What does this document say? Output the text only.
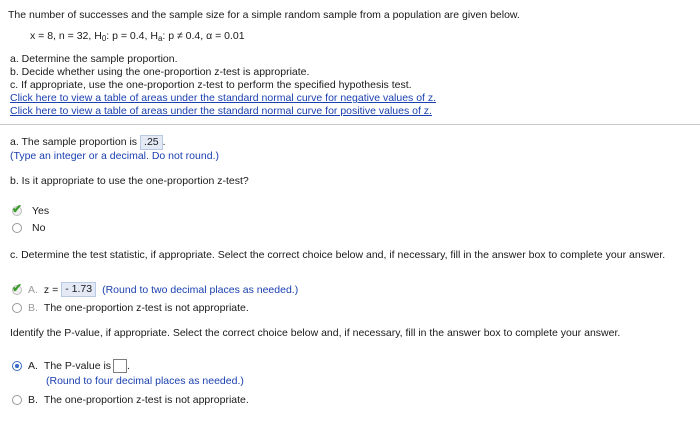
The number of successes and the sample size for a simple random sample from a population are given below.
x = 8, n = 32, $H_0$: p = 0.4, $H_a$: p ≠ 0.4, α = 0.01
a. Determine the sample proportion.
b. Decide whether using the one-proportion z-test is appropriate.
c. If appropriate, use the one-proportion z-test to perform the specified hypothesis test.
Click here to view a table of areas under the standard normal curve for negative values of z.
Click here to view a table of areas under the standard normal curve for positive values of z.
a. The sample proportion is .25 .
(Type an integer or a decimal. Do not round.)
b. Is it appropriate to use the one-proportion z-test?
✔ Yes
No
c. Determine the test statistic, if appropriate. Select the correct choice below and, if necessary, fill in the answer box to complete your answer.
✔ A. z = - 1.73 (Round to two decimal places as needed.)
B. The one-proportion z-test is not appropriate.
Identify the P-value, if appropriate. Select the correct choice below and, if necessary, fill in the answer box to complete your answer.
A. The P-value is .
(Round to four decimal places as needed.)
B. The one-proportion z-test is not appropriate.
